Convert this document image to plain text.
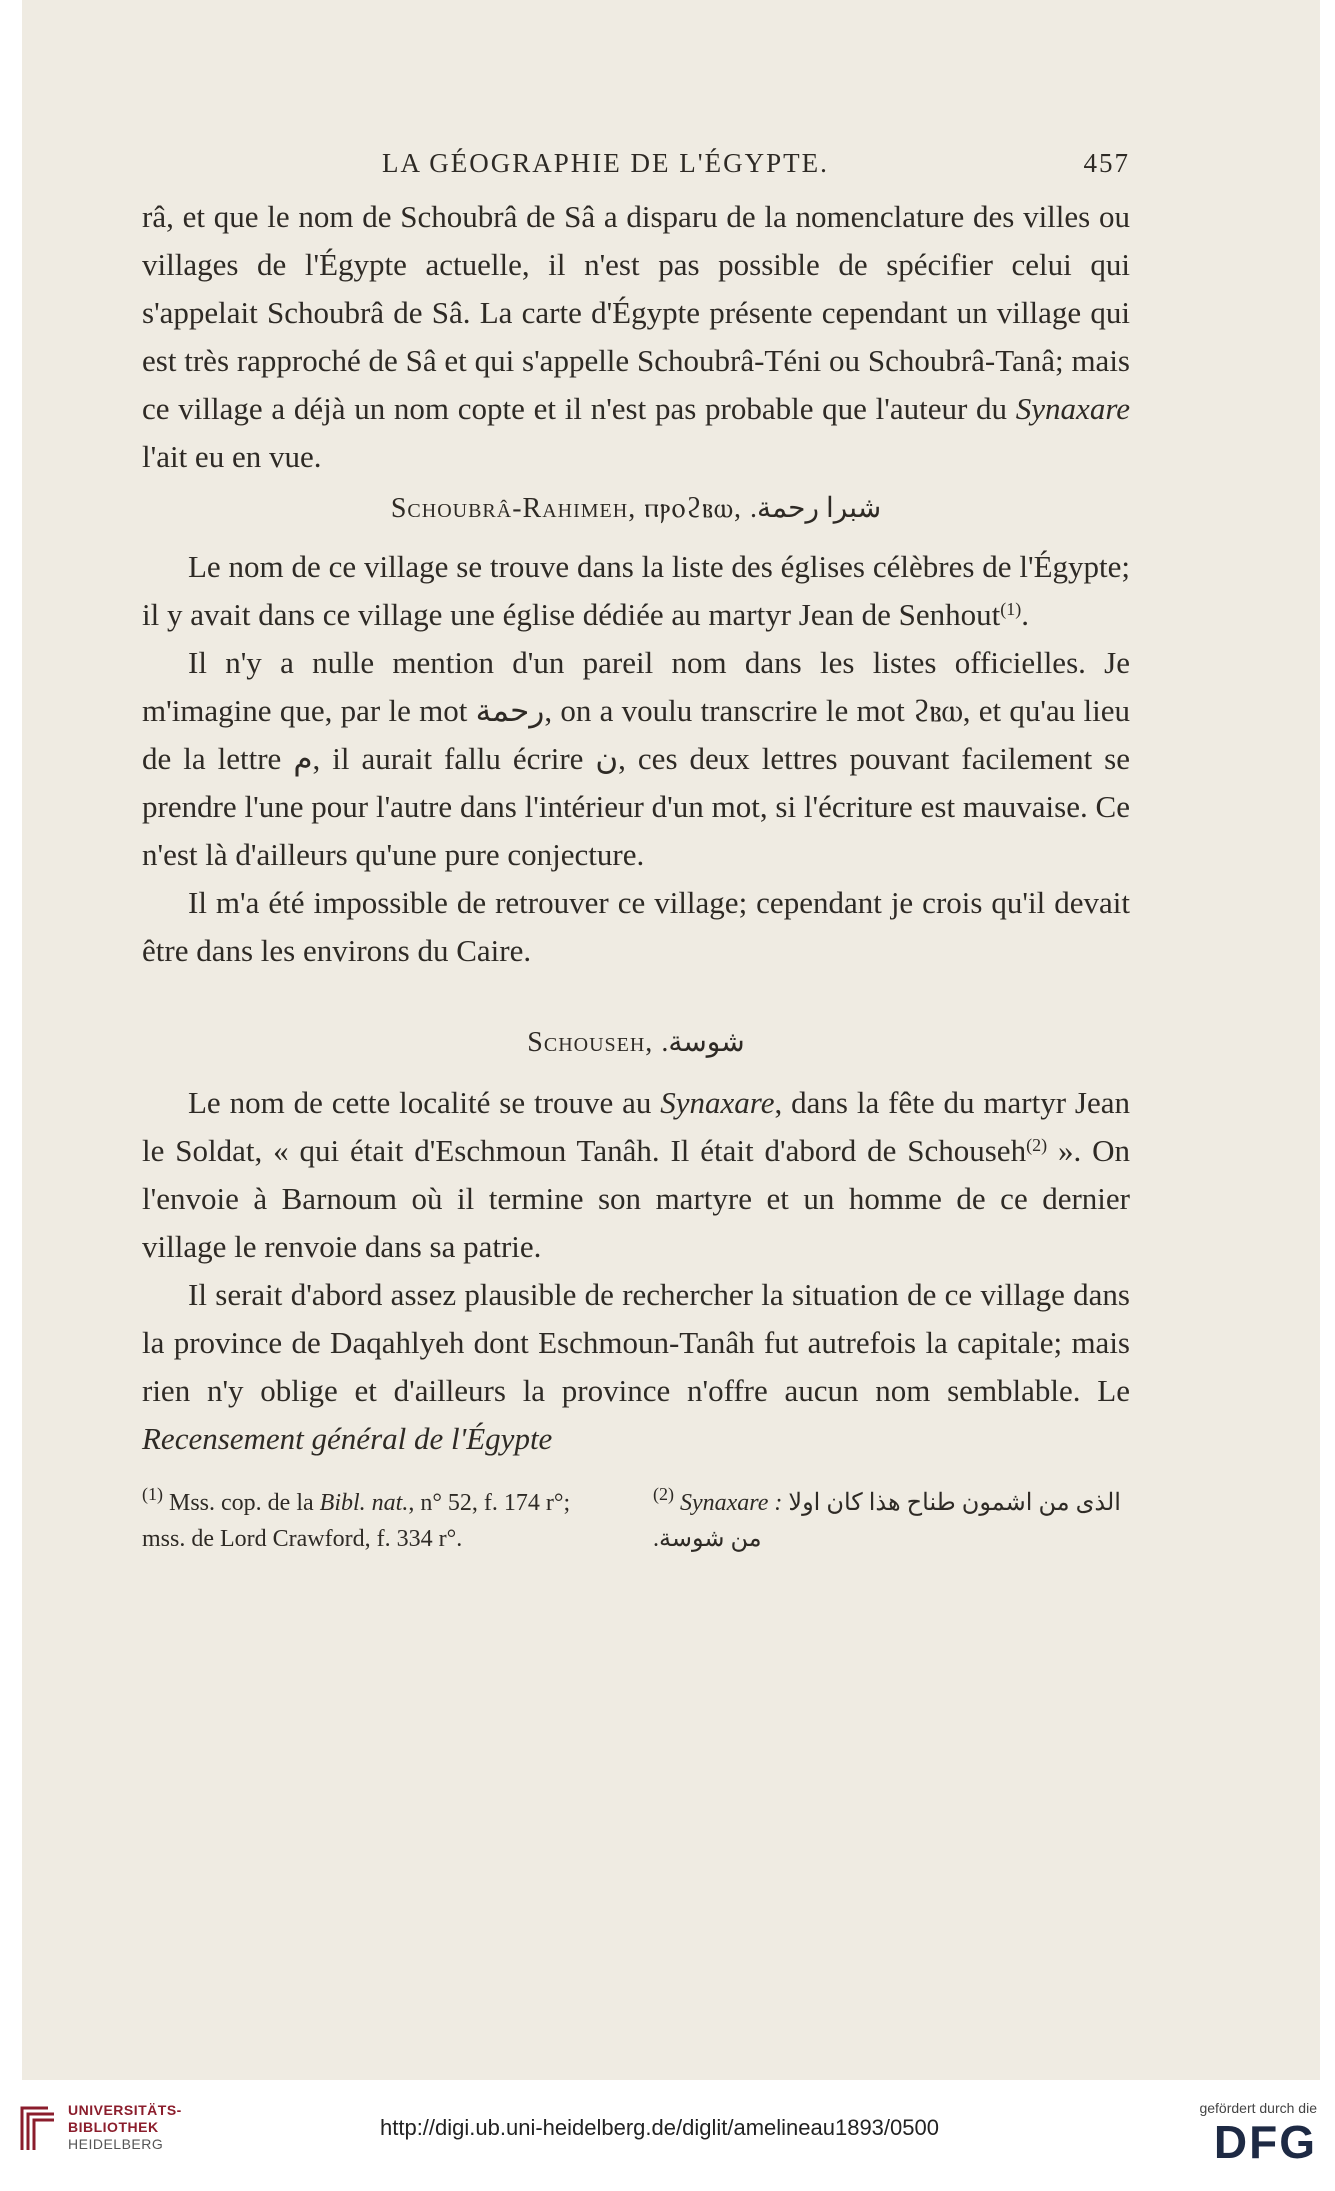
LA GÉOGRAPHIE DE L'ÉGYPTE.	457

râ, et que le nom de Schoubrâ de Sâ a disparu de la nomenclature des villes ou villages de l'Égypte actuelle, il n'est pas possible de spécifier celui qui s'appelait Schoubrâ de Sâ. La carte d'Égypte présente cependant un village qui est très rapproché de Sâ et qui s'appelle Schoubrâ-Téni ou Schoubrâ-Tanâ; mais ce village a déjà un nom copte et il n'est pas probable que l'auteur du Synaxare l'ait eu en vue.

Schoubrâ-Rahimeh, ⲡⲣⲟϩⲃⲱ, شبرا رحمة.

Le nom de ce village se trouve dans la liste des églises célèbres de l'Égypte; il y avait dans ce village une église dédiée au martyr Jean de Senhout$^{(1)}$.

Il n'y a nulle mention d'un pareil nom dans les listes officielles. Je m'imagine que, par le mot رحمة, on a voulu transcrire le mot ϩⲃⲱ, et qu'au lieu de la lettre م, il aurait fallu écrire ن, ces deux lettres pouvant facilement se prendre l'une pour l'autre dans l'intérieur d'un mot, si l'écriture est mauvaise. Ce n'est là d'ailleurs qu'une pure conjecture.

Il m'a été impossible de retrouver ce village; cependant je crois qu'il devait être dans les environs du Caire.

Schouseh, شوسة.

Le nom de cette localité se trouve au Synaxare, dans la fête du martyr Jean le Soldat, « qui était d'Eschmoun Tanâh. Il était d'abord de Schouseh$^{(2)}$ ». On l'envoie à Barnoum où il termine son martyre et un homme de ce dernier village le renvoie dans sa patrie.

Il serait d'abord assez plausible de rechercher la situation de ce village dans la province de Daqahlyeh dont Eschmoun-Tanâh fut autrefois la capitale; mais rien n'y oblige et d'ailleurs la province n'offre aucun nom semblable. Le Recensement général de l'Égypte

$^{(1)}$ Mss. cop. de la Bibl. nat., n° 52, f. 174 r°; mss. de Lord Crawford, f. 334 r°.
$^{(2)}$ Synaxare : الذى من اشمون طناح هذا كان اولا من شوسة.
UNIVERSITÄTS-
BIBLIOTHEK
HEIDELBERG
http://digi.ub.uni-heidelberg.de/diglit/amelineau1893/0500
gefördert durch die
DFG
